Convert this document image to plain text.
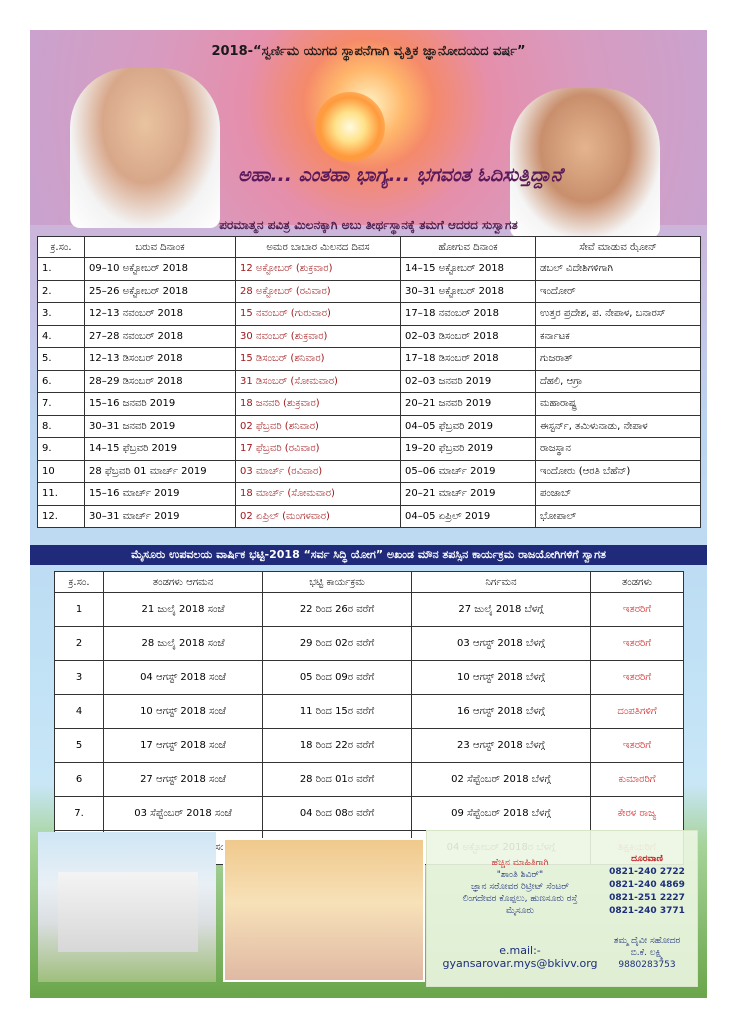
2018-“ಸ್ವರ್ಣಿಮ ಯುಗದ ಸ್ಥಾಪನೆಗಾಗಿ ವೃತ್ತಿಕ ಜ್ಞಾನೋದಯದ ವರ್ಷ”
ಅಹಾ... ಎಂತಹಾ ಭಾಗ್ಯ... ಭಗವಂತ ಓದಿಸುತ್ತಿದ್ದಾನೆ
ಪರಮಾತ್ಮನ ಪವಿತ್ರ ಮಿಲನಕ್ಕಾಗಿ ಅಬು ತೀರ್ಥಸ್ಥಾನಕ್ಕೆ ತಮಗೆ ಆದರದ ಸುಸ್ವಾಗತ
ಕ್ರ.ಸಂ.	ಬರುವ ದಿನಾಂಕ	ಅಮರ ಬಾಬಾರ ಮಿಲನದ ದಿವಸ	ಹೋಗುವ ದಿನಾಂಕ	ಸೇವೆ ಮಾಡುವ ಝೋನ್
1.	09–10 ಅಕ್ಟೋಬರ್ 2018	12 ಅಕ್ಟೋಬರ್ (ಶುಕ್ರವಾರ)	14–15 ಅಕ್ಟೋಬರ್ 2018	ಡಬಲ್ ವಿದೇಶಿಗಳಿಗಾಗಿ
2.	25–26 ಅಕ್ಟೋಬರ್ 2018	28 ಅಕ್ಟೋಬರ್ (ರವಿವಾರ)	30–31 ಅಕ್ಟೋಬರ್ 2018	ಇಂದೋರ್
3.	12–13 ನವಂಬರ್ 2018	15 ನವಂಬರ್ (ಗುರುವಾರ)	17–18 ನವಂಬರ್ 2018	ಉತ್ತರ ಪ್ರದೇಶ, ಪ. ನೇಪಾಳ, ಬನಾರಸ್
4.	27–28 ನವಂಬರ್ 2018	30 ನವಂಬರ್ (ಶುಕ್ರವಾರ)	02–03 ಡಿಸಂಬರ್ 2018	ಕರ್ನಾಟಕ
5.	12–13 ಡಿಸಂಬರ್ 2018	15 ಡಿಸಂಬರ್ (ಶನಿವಾರ)	17–18 ಡಿಸಂಬರ್ 2018	ಗುಜರಾತ್
6.	28–29 ಡಿಸಂಬರ್ 2018	31 ಡಿಸಂಬರ್ (ಸೋಮವಾರ)	02–03 ಜನವರಿ 2019	ದೆಹಲಿ, ಆಗ್ರಾ
7.	15–16 ಜನವರಿ 2019	18 ಜನವರಿ (ಶುಕ್ರವಾರ)	20–21 ಜನವರಿ 2019	ಮಹಾರಾಷ್ಟ್ರ
8.	30–31 ಜನವರಿ 2019	02 ಫೆಬ್ರವರಿ (ಶನಿವಾರ)	04–05 ಫೆಬ್ರವರಿ 2019	ಈಸ್ಟರ್ನ್, ತಮಿಳುನಾಡು, ನೇಪಾಳ
9.	14–15 ಫೆಬ್ರವರಿ 2019	17 ಫೆಬ್ರವರಿ (ರವಿವಾರ)	19–20 ಫೆಬ್ರವರಿ 2019	ರಾಜಸ್ಥಾನ
10	28 ಫೆಬ್ರವರಿ 01 ಮಾರ್ಚ್ 2019	03 ಮಾರ್ಚ್ (ರವಿವಾರ)	05–06 ಮಾರ್ಚ್ 2019	ಇಂದೋರು (ಆರತಿ ಬೆಹೆನ್)
11.	15–16 ಮಾರ್ಚ್ 2019	18 ಮಾರ್ಚ್ (ಸೋಮವಾರ)	20–21 ಮಾರ್ಚ್ 2019	ಪಂಜಾಬ್
12.	30–31 ಮಾರ್ಚ್ 2019	02 ಏಪ್ರಿಲ್ (ಮಂಗಳವಾರ)	04–05 ಏಪ್ರಿಲ್ 2019	ಭೋಪಾಲ್
ಮೈಸೂರು ಉಪವಲಯ ವಾರ್ಷಿಕ ಭಟ್ಟಿ-2018 “ಸರ್ವ ಸಿದ್ಧಿ ಯೋಗ” ಅಖಂಡ ಮೌನ ತಪಸ್ಸಿನ ಕಾರ್ಯಕ್ರಮ ರಾಜಯೋಗಿಗಳಿಗೆ ಸ್ವಾಗತ
ಕ್ರ.ಸಂ.	ತಂಡಗಳು ಆಗಮನ	ಭಟ್ಟಿ ಕಾರ್ಯಕ್ರಮ	ನಿರ್ಗಮನ	ತಂಡಗಳು
1	21 ಜುಲೈ 2018 ಸಂಜೆ	22 ರಿಂದ 26ರ ವರೆಗೆ	27 ಜುಲೈ 2018 ಬೆಳಗ್ಗೆ	ಇತರರಿಗೆ
2	28 ಜುಲೈ 2018 ಸಂಜೆ	29 ರಿಂದ 02ರ ವರೆಗೆ	03 ಆಗಸ್ಟ್ 2018 ಬೆಳಗ್ಗೆ	ಇತರರಿಗೆ
3	04 ಆಗಸ್ಟ್ 2018 ಸಂಜೆ	05 ರಿಂದ 09ರ ವರೆಗೆ	10 ಆಗಸ್ಟ್ 2018 ಬೆಳಗ್ಗೆ	ಇತರರಿಗೆ
4	10 ಆಗಸ್ಟ್ 2018 ಸಂಜೆ	11 ರಿಂದ 15ರ ವರೆಗೆ	16 ಆಗಸ್ಟ್ 2018 ಬೆಳಗ್ಗೆ	ದಂಪತಿಗಳಿಗೆ
5	17 ಆಗಸ್ಟ್ 2018 ಸಂಜೆ	18 ರಿಂದ 22ರ ವರೆಗೆ	23 ಆಗಸ್ಟ್ 2018 ಬೆಳಗ್ಗೆ	ಇತರರಿಗೆ
6	27 ಆಗಸ್ಟ್ 2018 ಸಂಜೆ	28 ರಿಂದ 01ರ ವರೆಗೆ	02 ಸೆಪ್ಟೆಂಬರ್ 2018 ಬೆಳಗ್ಗೆ	ಕುಮಾರರಿಗೆ
7.	03 ಸೆಪ್ಟೆಂಬರ್ 2018 ಸಂಜೆ	04 ರಿಂದ 08ರ ವರೆಗೆ	09 ಸೆಪ್ಟೆಂಬರ್ 2018 ಬೆಳಗ್ಗೆ	ಕೇರಳ ರಾಜ್ಯ

ಹೆಚ್ಚಿನ ಮಾಹಿತಿಗಾಗಿ
"ಶಾಂತಿ ಶಿವಿರ್"
ಜ್ಞಾನ ಸರೋವರ ರಿಟ್ರೀಟ್ ಸೆಂಟರ್
ಲಿಂಗದೇವರ ಕೊಪ್ಪಲು, ಹುಣಸೂರು ರಸ್ತೆ
ಮೈಸೂರು
e.mail:-
gyansarovar.mys@bkivv.org
ದೂರವಾಣಿ
0821-240 2722
0821-240 4869
0821-251 2227
0821-240 3771
ತಮ್ಮ ದೈವೀ ಸಹೋದರ
ಬಿ.ಕೆ. ಲಕ್ಷ್ಮಿ
9880283753
